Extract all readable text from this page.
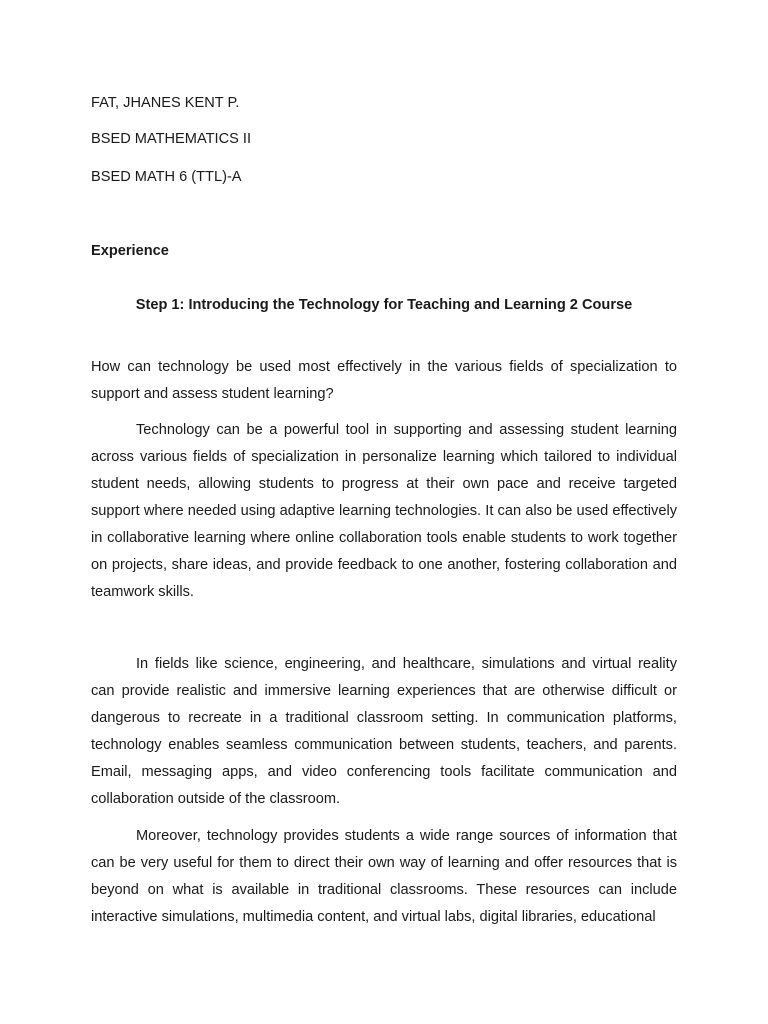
FAT, JHANES KENT P.
BSED MATHEMATICS II
BSED MATH 6 (TTL)-A
Experience
Step 1: Introducing the Technology for Teaching and Learning 2 Course

How can technology be used most effectively in the various fields of specialization to support and assess student learning?

Technology can be a powerful tool in supporting and assessing student learning across various fields of specialization in personalize learning which tailored to individual student needs, allowing students to progress at their own pace and receive targeted support where needed using adaptive learning technologies. It can also be used effectively in collaborative learning where online collaboration tools enable students to work together on projects, share ideas, and provide feedback to one another, fostering collaboration and teamwork skills.

In fields like science, engineering, and healthcare, simulations and virtual reality can provide realistic and immersive learning experiences that are otherwise difficult or dangerous to recreate in a traditional classroom setting. In communication platforms, technology enables seamless communication between students, teachers, and parents. Email, messaging apps, and video conferencing tools facilitate communication and collaboration outside of the classroom.

Moreover, technology provides students a wide range sources of information that can be very useful for them to direct their own way of learning and offer resources that is beyond on what is available in traditional classrooms. These resources can include interactive simulations, multimedia content, and virtual labs, digital libraries, educational
